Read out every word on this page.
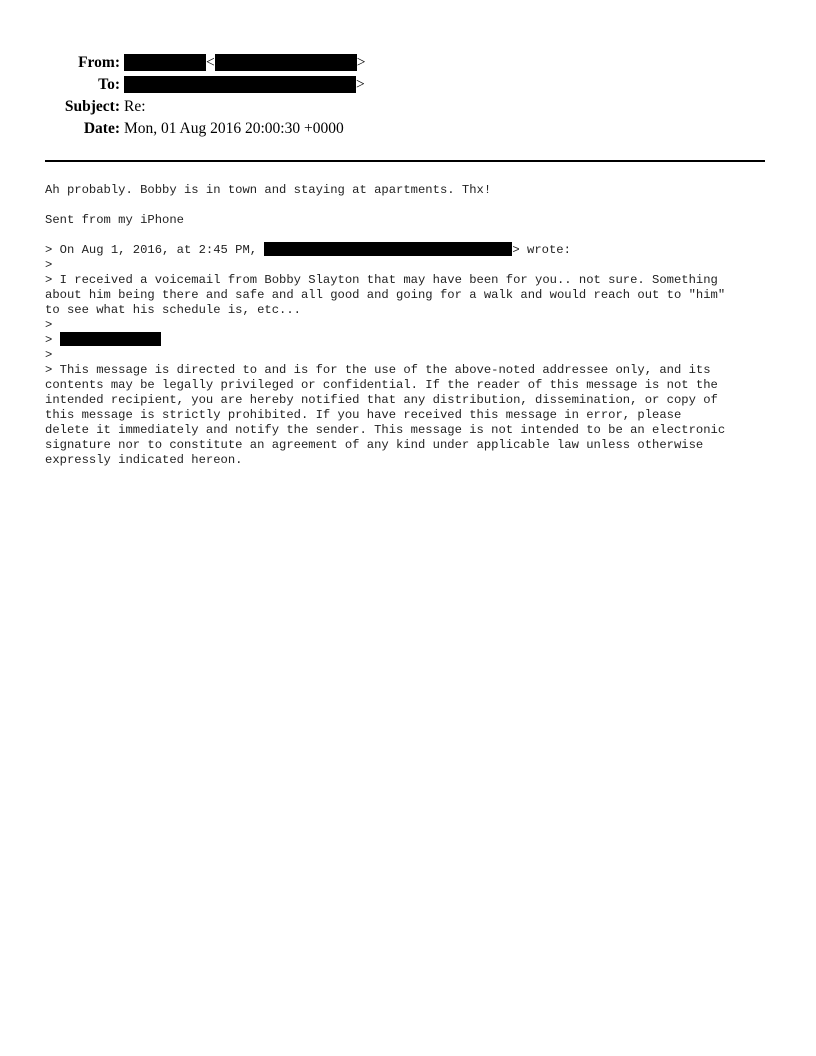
From:	<	>
To:	>
Subject: Re:
Date: Mon, 01 Aug 2016 20:00:30 +0000
Ah probably. Bobby is in town and staying at apartments. Thx!
Sent from my iPhone
> On Aug 1, 2016, at 2:45 PM,	> wrote:
>
> I received a voicemail from Bobby Slayton that may have been for you.. not sure. Something
about him being there and safe and all good and going for a walk and would reach out to "him"
to see what his schedule is, etc...
>
>
>
> This message is directed to and is for the use of the above-noted addressee only, and its
contents may be legally privileged or confidential. If the reader of this message is not the
intended recipient, you are hereby notified that any distribution, dissemination, or copy of
this message is strictly prohibited. If you have received this message in error, please
delete it immediately and notify the sender. This message is not intended to be an electronic
signature nor to constitute an agreement of any kind under applicable law unless otherwise
expressly indicated hereon.
